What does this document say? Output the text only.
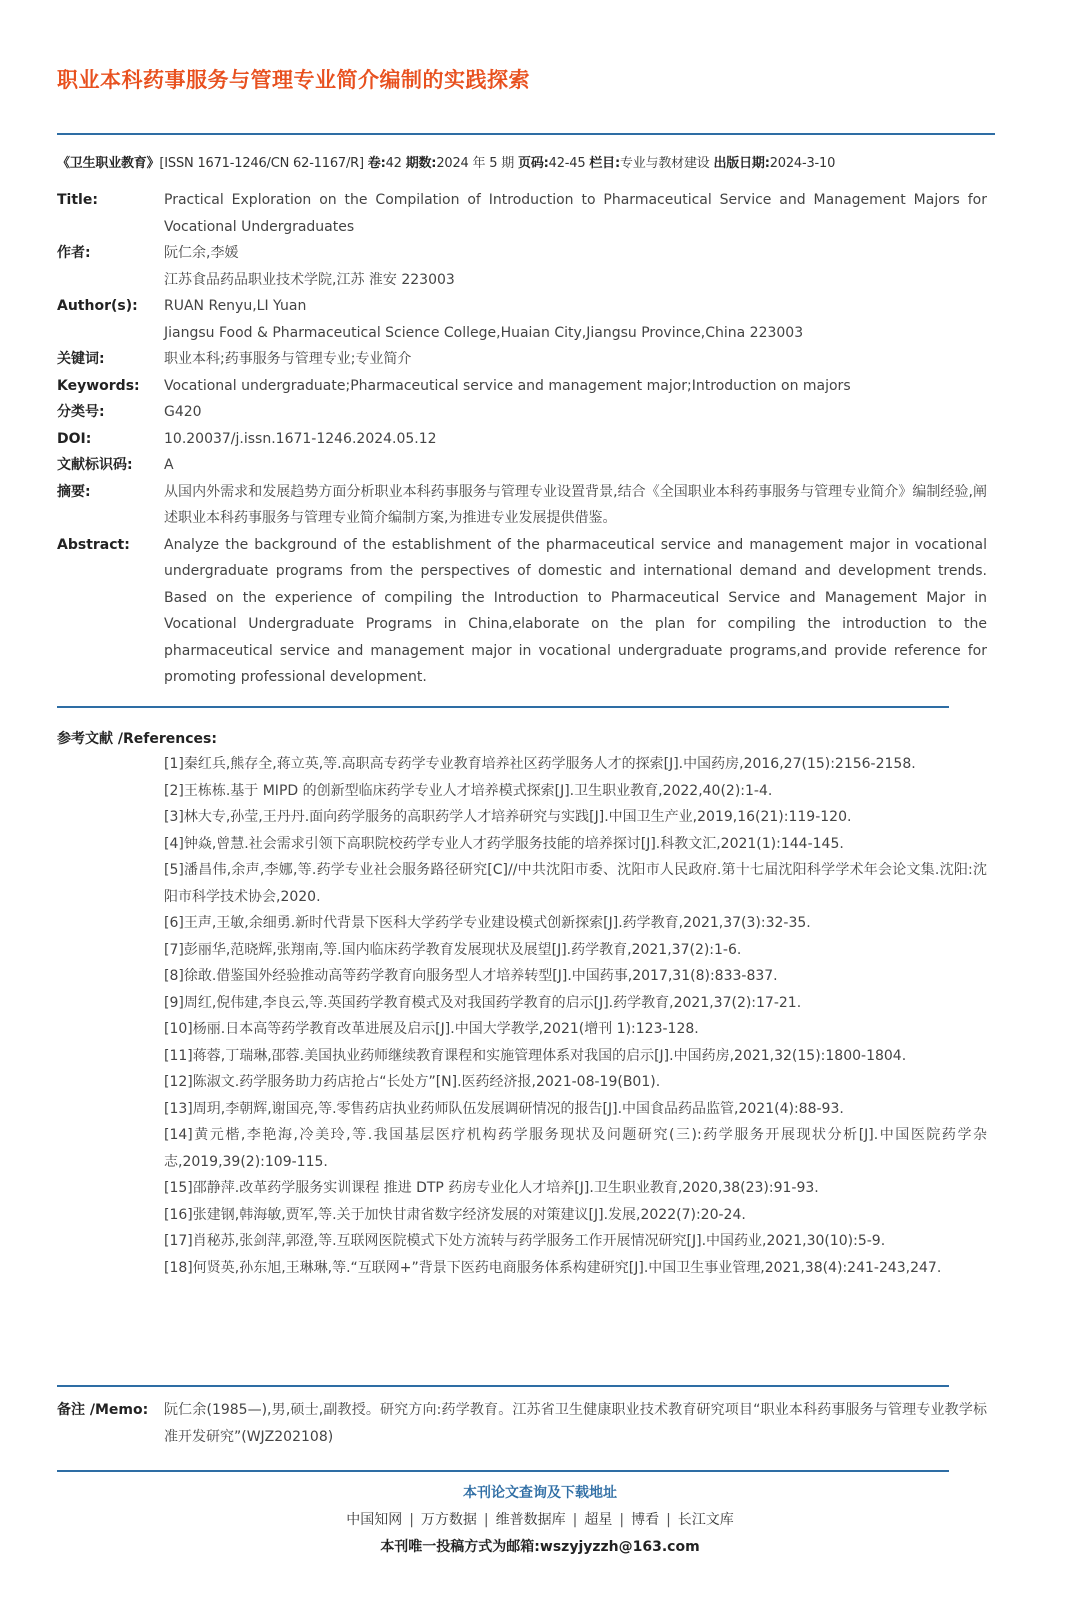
职业本科药事服务与管理专业简介编制的实践探索
《卫生职业教育》[ISSN 1671-1246/CN 62-1167/R] 卷:42 期数:2024 年 5 期 页码:42-45 栏目:专业与教材建设 出版日期:2024-3-10
Title:	Practical Exploration on the Compilation of Introduction to Pharmaceutical Service and Management Majors for Vocational Undergraduates
作者:	阮仁余,李媛
江苏食品药品职业技术学院,江苏 淮安 223003
Author(s):	RUAN Renyu,LI Yuan
Jiangsu Food & Pharmaceutical Science College,Huaian City,Jiangsu Province,China 223003
关键词:	职业本科;药事服务与管理专业;专业简介
Keywords:	Vocational undergraduate;Pharmaceutical service and management major;Introduction on majors
分类号:	G420
DOI:	10.20037/j.issn.1671-1246.2024.05.12
文献标识码:	A
摘要:	从国内外需求和发展趋势方面分析职业本科药事服务与管理专业设置背景,结合《全国职业本科药事服务与管理专业简介》编制经验,阐述职业本科药事服务与管理专业简介编制方案,为推进专业发展提供借鉴。
Abstract:	Analyze the background of the establishment of the pharmaceutical service and management major in vocational undergraduate programs from the perspectives of domestic and international demand and development trends. Based on the experience of compiling the Introduction to Pharmaceutical Service and Management Major in Vocational Undergraduate Programs in China,elaborate on the plan for compiling the introduction to the pharmaceutical service and management major in vocational undergraduate programs,and provide reference for promoting professional development.
参考文献 /References:
[1]秦红兵,熊存全,蒋立英,等.高职高专药学专业教育培养社区药学服务人才的探索[J].中国药房,2016,27(15):2156-2158.
[2]王栋栋.基于 MIPD 的创新型临床药学专业人才培养模式探索[J].卫生职业教育,2022,40(2):1-4.
[3]林大专,孙莹,王丹丹.面向药学服务的高职药学人才培养研究与实践[J].中国卫生产业,2019,16(21):119-120.
[4]钟焱,曾慧.社会需求引领下高职院校药学专业人才药学服务技能的培养探讨[J].科教文汇,2021(1):144-145.
[5]潘昌伟,余声,李娜,等.药学专业社会服务路径研究[C]//中共沈阳市委、沈阳市人民政府.第十七届沈阳科学学术年会论文集.沈阳:沈阳市科学技术协会,2020.
[6]王声,王敏,余细勇.新时代背景下医科大学药学专业建设模式创新探索[J].药学教育,2021,37(3):32-35.
[7]彭丽华,范晓辉,张翔南,等.国内临床药学教育发展现状及展望[J].药学教育,2021,37(2):1-6.
[8]徐敢.借鉴国外经验推动高等药学教育向服务型人才培养转型[J].中国药事,2017,31(8):833-837.
[9]周红,倪伟建,李良云,等.英国药学教育模式及对我国药学教育的启示[J].药学教育,2021,37(2):17-21.
[10]杨丽.日本高等药学教育改革进展及启示[J].中国大学教学,2021(增刊 1):123-128.
[11]蒋蓉,丁瑞琳,邵蓉.美国执业药师继续教育课程和实施管理体系对我国的启示[J].中国药房,2021,32(15):1800-1804.
[12]陈淑文.药学服务助力药店抢占“长处方”[N].医药经济报,2021-08-19(B01).
[13]周玥,李朝辉,谢国亮,等.零售药店执业药师队伍发展调研情况的报告[J].中国食品药品监管,2021(4):88-93.
[14]黄元楷,李艳海,冷美玲,等.我国基层医疗机构药学服务现状及问题研究(三):药学服务开展现状分析[J].中国医院药学杂志,2019,39(2):109-115.
[15]邵静萍.改革药学服务实训课程 推进 DTP 药房专业化人才培养[J].卫生职业教育,2020,38(23):91-93.
[16]张建钢,韩海敏,贾军,等.关于加快甘肃省数字经济发展的对策建议[J].发展,2022(7):20-24.
[17]肖秘苏,张剑萍,郭澄,等.互联网医院模式下处方流转与药学服务工作开展情况研究[J].中国药业,2021,30(10):5-9.
[18]何贤英,孙东旭,王琳琳,等.“互联网+”背景下医药电商服务体系构建研究[J].中国卫生事业管理,2021,38(4):241-243,247.
备注 /Memo:	阮仁余(1985—),男,硕士,副教授。研究方向:药学教育。江苏省卫生健康职业技术教育研究项目“职业本科药事服务与管理专业教学标准开发研究”(WJZ202108)
本刊论文查询及下载地址
中国知网 | 万方数据 | 维普数据库 | 超星 | 博看 | 长江文库
本刊唯一投稿方式为邮箱:wszyjyzzh@163.com
